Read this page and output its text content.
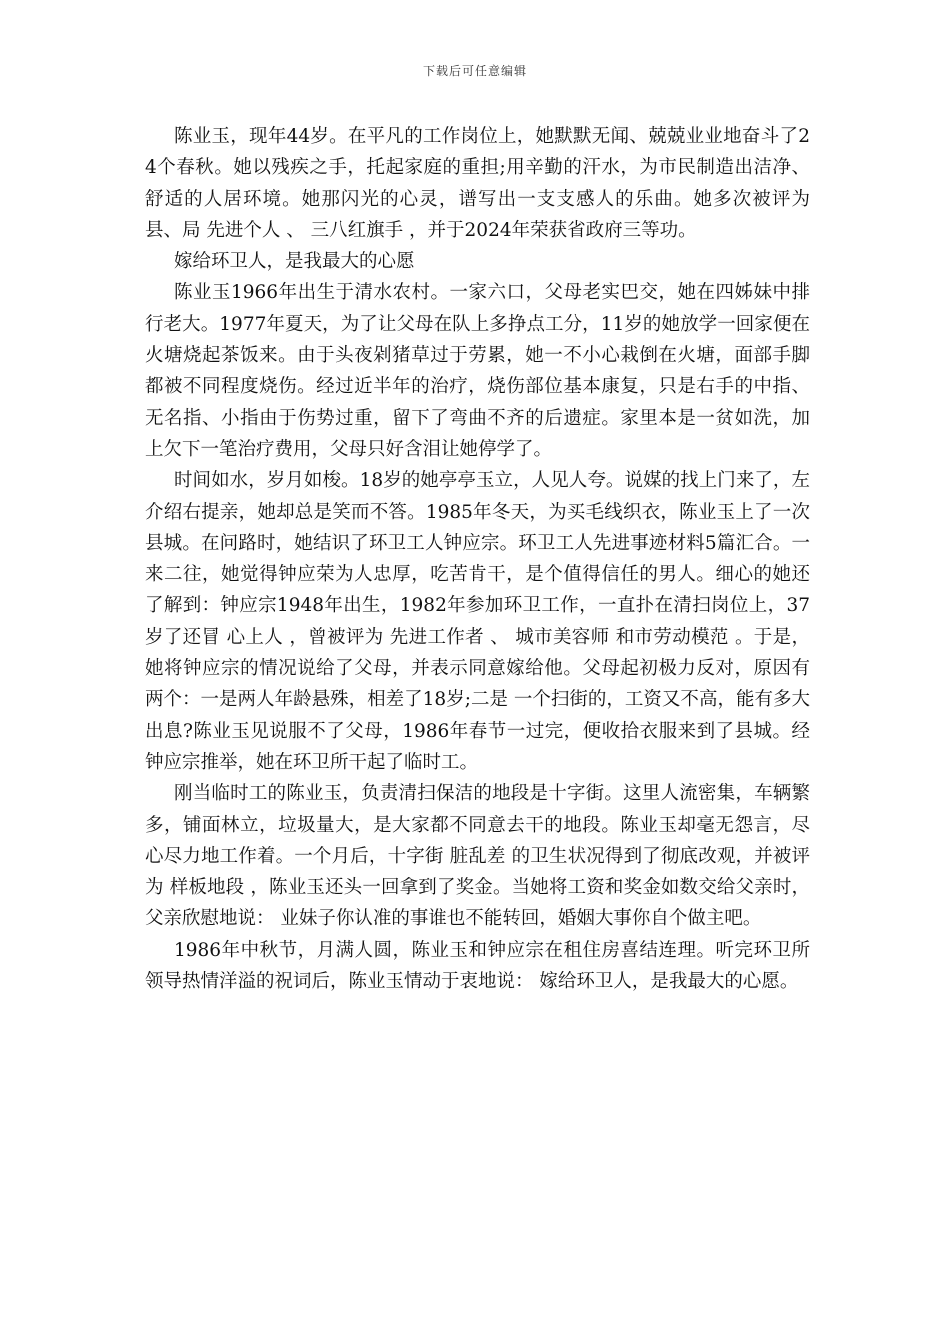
下载后可任意编辑

陈业玉，现年44岁。在平凡的工作岗位上，她默默无闻、兢兢业业地奋斗了24个春秋。她以残疾之手，托起家庭的重担;用辛勤的汗水，为市民制造出洁净、舒适的人居环境。她那闪光的心灵，谱写出一支支感人的乐曲。她多次被评为县、局 先进个人 、 三八红旗手 ，并于2024年荣获省政府三等功。

嫁给环卫人，是我最大的心愿

陈业玉1966年出生于清水农村。一家六口，父母老实巴交，她在四姊妹中排行老大。1977年夏天，为了让父母在队上多挣点工分，11岁的她放学一回家便在火塘烧起茶饭来。由于头夜剁猪草过于劳累，她一不小心栽倒在火塘，面部手脚都被不同程度烧伤。经过近半年的治疗，烧伤部位基本康复，只是右手的中指、无名指、小指由于伤势过重，留下了弯曲不齐的后遗症。家里本是一贫如洗，加上欠下一笔治疗费用，父母只好含泪让她停学了。

时间如水，岁月如梭。18岁的她亭亭玉立，人见人夸。说媒的找上门来了，左介绍右提亲，她却总是笑而不答。1985年冬天，为买毛线织衣，陈业玉上了一次县城。在问路时，她结识了环卫工人钟应宗。环卫工人先进事迹材料5篇汇合。一来二往，她觉得钟应荣为人忠厚，吃苦肯干，是个值得信任的男人。细心的她还了解到：钟应宗1948年出生，1982年参加环卫工作，一直扑在清扫岗位上，37岁了还冒 心上人 ，曾被评为 先进工作者 、 城市美容师 和市劳动模范 。于是，她将钟应宗的情况说给了父母，并表示同意嫁给他。父母起初极力反对，原因有两个：一是两人年龄悬殊，相差了18岁;二是 一个扫街的，工资又不高，能有多大出息?陈业玉见说服不了父母，1986年春节一过完，便收拾衣服来到了县城。经钟应宗推举，她在环卫所干起了临时工。

刚当临时工的陈业玉，负责清扫保洁的地段是十字街。这里人流密集，车辆繁多，铺面林立，垃圾量大，是大家都不同意去干的地段。陈业玉却毫无怨言，尽心尽力地工作着。一个月后，十字街 脏乱差 的卫生状况得到了彻底改观，并被评为 样板地段 ，陈业玉还头一回拿到了奖金。当她将工资和奖金如数交给父亲时，父亲欣慰地说： 业妹子你认准的事谁也不能转回，婚姻大事你自个做主吧。

1986年中秋节，月满人圆，陈业玉和钟应宗在租住房喜结连理。听完环卫所领导热情洋溢的祝词后，陈业玉情动于衷地说： 嫁给环卫人，是我最大的心愿。
